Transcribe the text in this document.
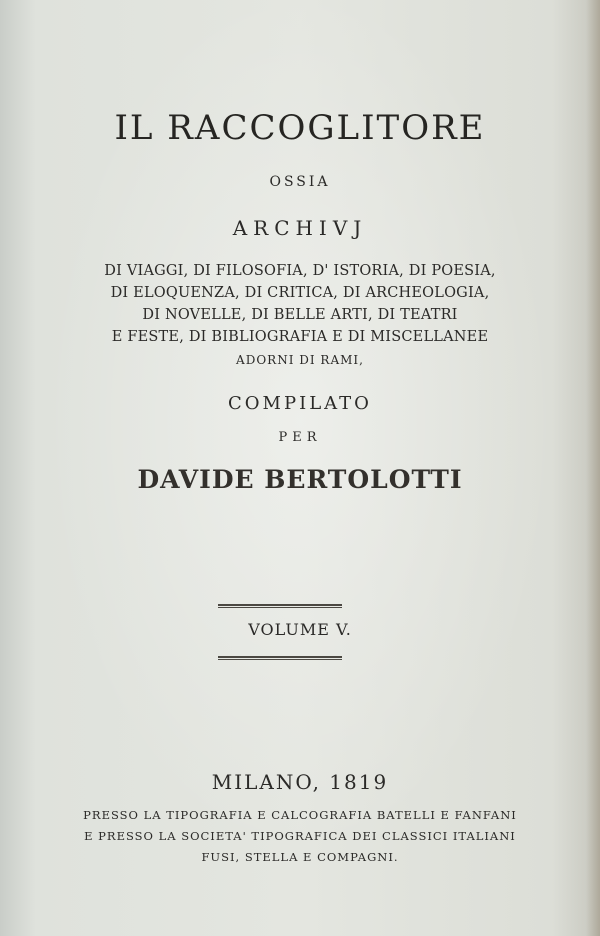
IL RACCOGLITORE
OSSIA
ARCHIVJ
DI VIAGGI, DI FILOSOFIA, D' ISTORIA, DI POESIA,
DI ELOQUENZA, DI CRITICA, DI ARCHEOLOGIA,
DI NOVELLE, DI BELLE ARTI, DI TEATRI
E FESTE, DI BIBLIOGRAFIA E DI MISCELLANEE
ADORNI DI RAMI,
COMPILATO
PER
DAVIDE BERTOLOTTI
VOLUME V.
MILANO, 1819
PRESSO LA TIPOGRAFIA E CALCOGRAFIA BATELLI E FANFANI
E PRESSO LA SOCIETA' TIPOGRAFICA DEI CLASSICI ITALIANI
FUSI, STELLA E COMPAGNI.
